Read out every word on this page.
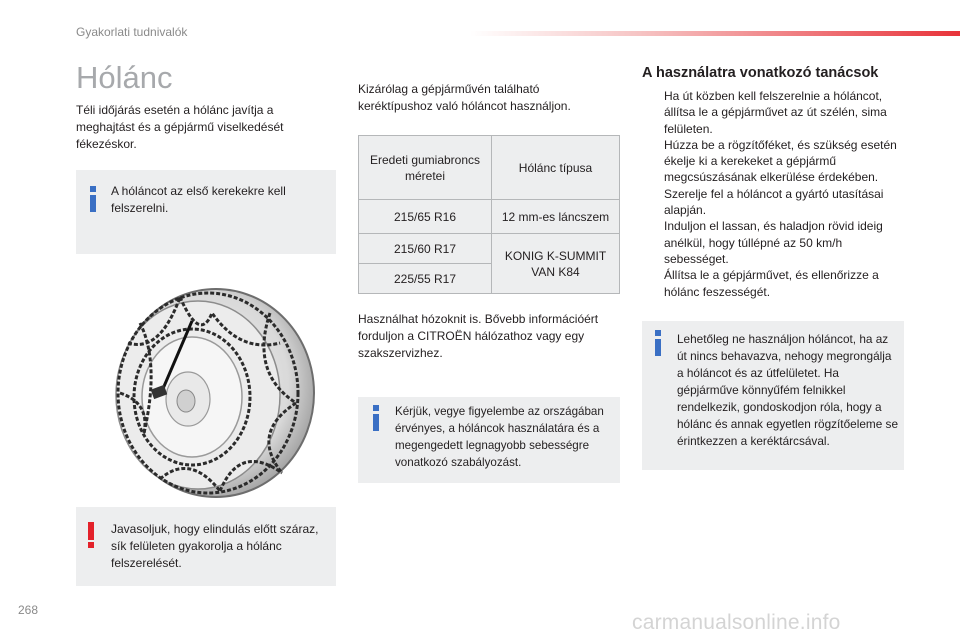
Gyakorlati tudnivalók
Hólánc
Téli időjárás esetén a hólánc javítja a meghajtást és a gépjármű viselkedését fékezéskor.
A hóláncot az első kerekekre kell felszerelni.
Javasoljuk, hogy elindulás előtt száraz, sík felületen gyakorolja a hólánc felszerelését.
Kizárólag a gépjárművén található keréktípushoz való hóláncot használjon.
Eredeti gumiabroncs méretei	Hólánc típusa
215/65 R16	12 mm-es láncszem
215/60 R17	KONIG K-SUMMIT VAN K84
225/55 R17	
Használhat hózoknit is. Bővebb információért forduljon a CITROËN hálózathoz vagy egy szakszervizhez.
Kérjük, vegye figyelembe az országában érvényes, a hóláncok használatára és a megengedett legnagyobb sebességre vonatkozó szabályozást.
A használatra vonatkozó tanácsok
Ha út közben kell felszerelnie a hóláncot, állítsa le a gépjárművet az út szélén, sima felületen.
Húzza be a rögzítőféket, és szükség esetén ékelje ki a kerekeket a gépjármű megcsúszásának elkerülése érdekében.
Szerelje fel a hóláncot a gyártó utasításai alapján.
Induljon el lassan, és haladjon rövid ideig anélkül, hogy túllépné az 50 km/h sebességet.
Állítsa le a gépjárművet, és ellenőrizze a hólánc feszességét.
Lehetőleg ne használjon hóláncot, ha az út nincs behavazva, nehogy megrongálja a hóláncot és az útfelületet. Ha gépjárműve könnyűfém felnikkel rendelkezik, gondoskodjon róla, hogy a hólánc és annak egyetlen rögzítőeleme se érintkezzen a keréktárcsával.
268
carmanualsonline.info
